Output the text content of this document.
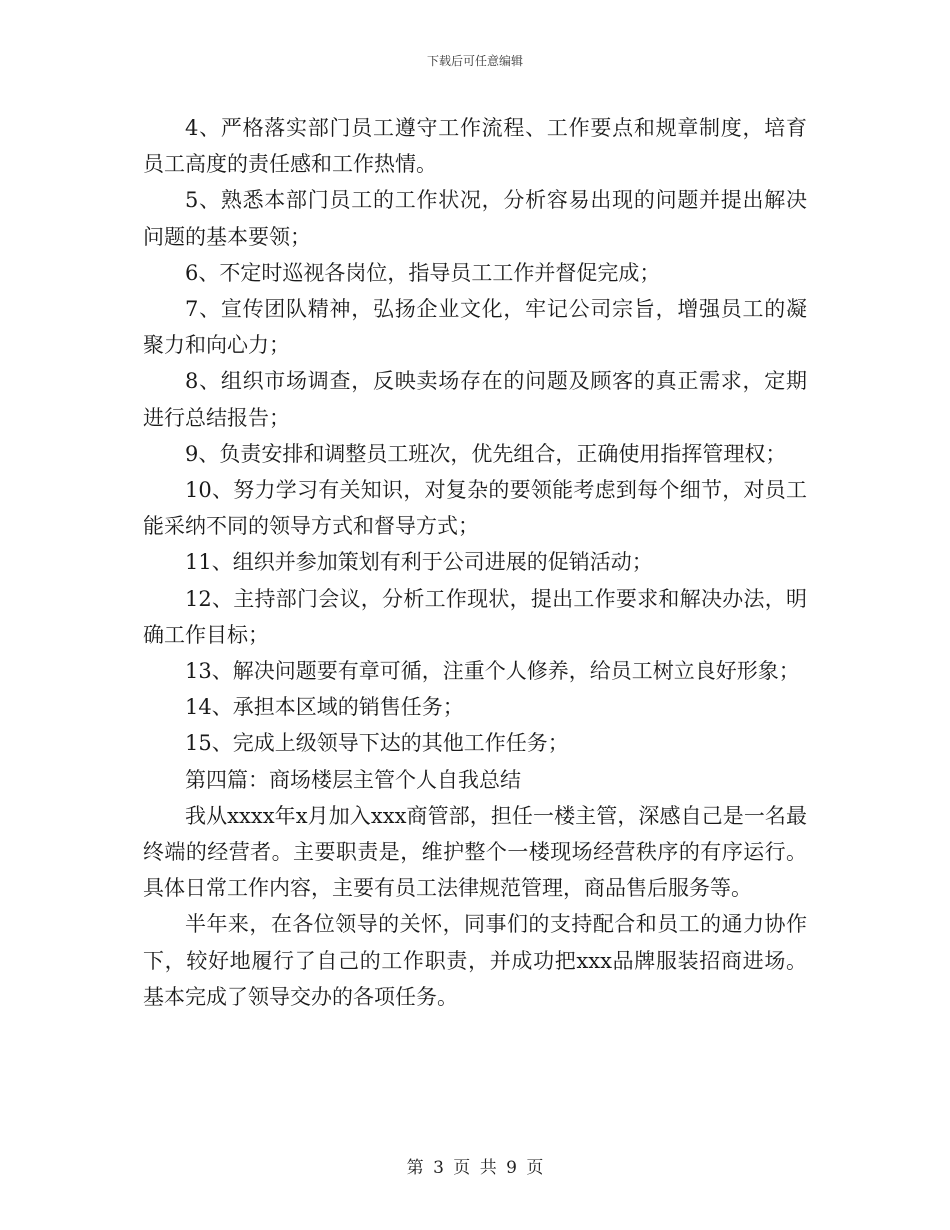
下载后可任意编辑

4、严格落实部门员工遵守工作流程、工作要点和规章制度，培育员工高度的责任感和工作热情。

5、熟悉本部门员工的工作状况，分析容易出现的问题并提出解决问题的基本要领；

6、不定时巡视各岗位，指导员工工作并督促完成；

7、宣传团队精神，弘扬企业文化，牢记公司宗旨，增强员工的凝聚力和向心力；

8、组织市场调查，反映卖场存在的问题及顾客的真正需求，定期进行总结报告；

9、负责安排和调整员工班次，优先组合，正确使用指挥管理权；

10、努力学习有关知识，对复杂的要领能考虑到每个细节，对员工能采纳不同的领导方式和督导方式；

11、组织并参加策划有利于公司进展的促销活动；

12、主持部门会议，分析工作现状，提出工作要求和解决办法，明确工作目标；

13、解决问题要有章可循，注重个人修养，给员工树立良好形象；

14、承担本区域的销售任务；

15、完成上级领导下达的其他工作任务；

第四篇：商场楼层主管个人自我总结

我从xxxx年x月加入xxx商管部，担任一楼主管，深感自己是一名最终端的经营者。主要职责是，维护整个一楼现场经营秩序的有序运行。具体日常工作内容，主要有员工法律规范管理，商品售后服务等。

半年来，在各位领导的关怀，同事们的支持配合和员工的通力协作下，较好地履行了自己的工作职责，并成功把xxx品牌服装招商进场。基本完成了领导交办的各项任务。

第 3 页 共 9 页
